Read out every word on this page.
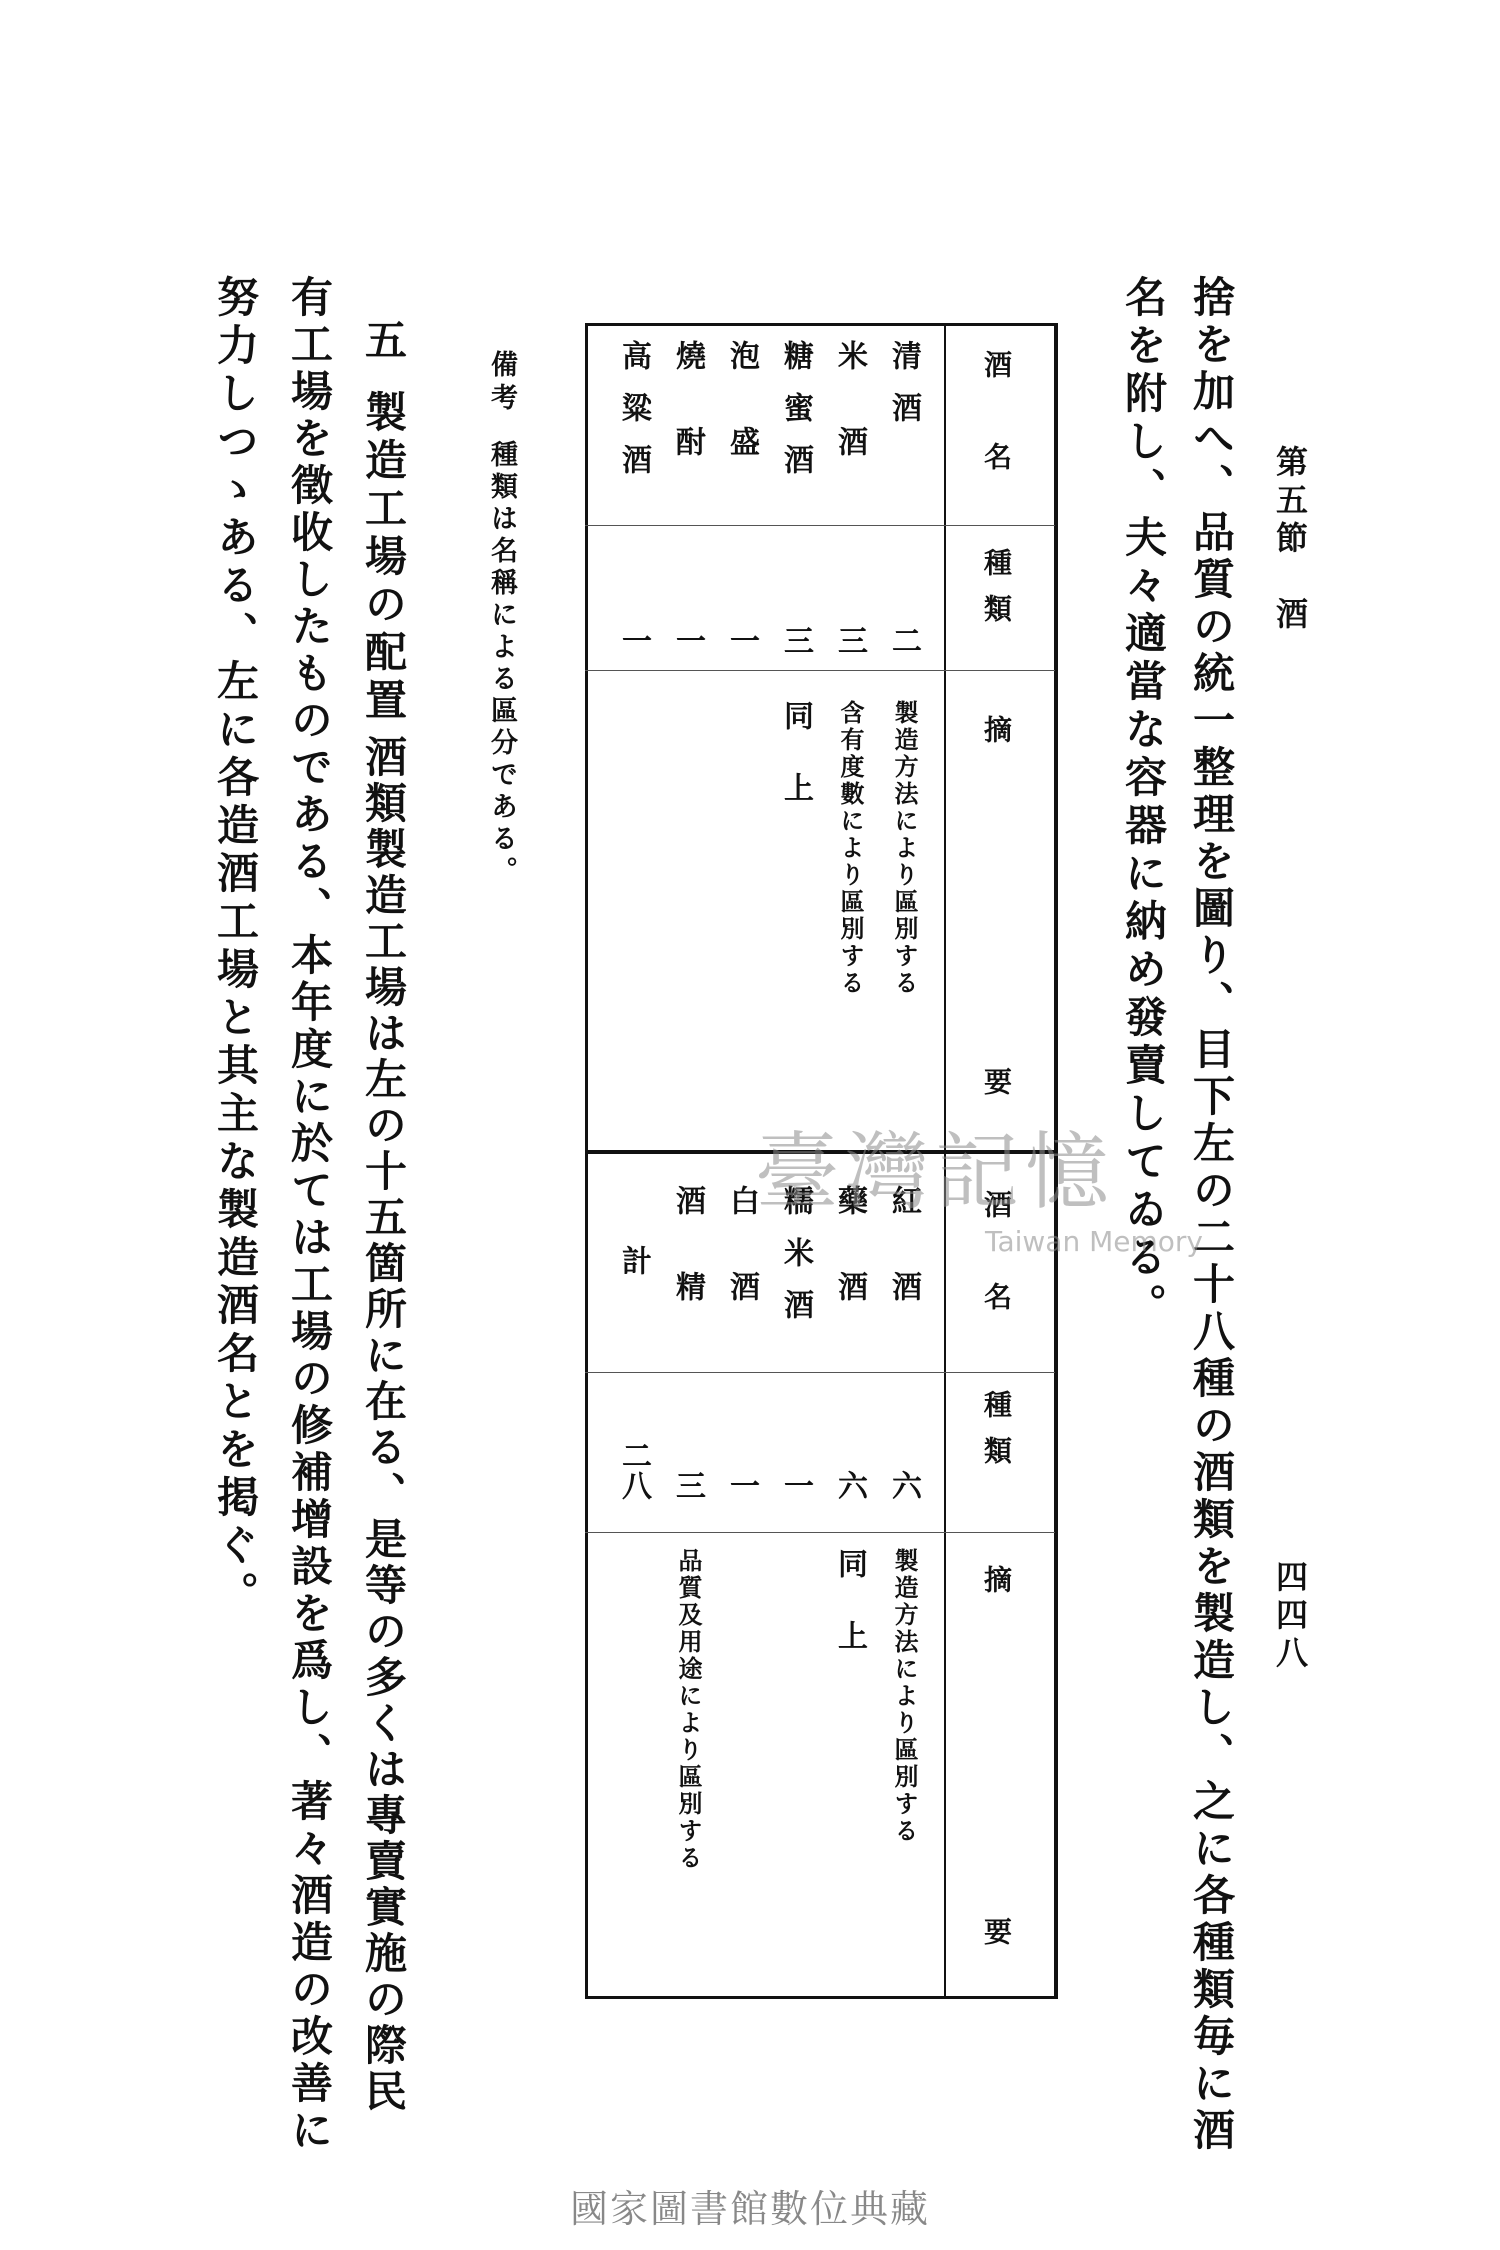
第五節　酒
四四八
捨を加へ、品質の統一整理を圖り、目下左の二十八種の酒類を製造し、之に各種類毎に酒
名を附し、夫々適當な容器に納め發賣してゐる。
酒　名
種類
摘　　　要
酒　名
種類
摘　　　要
清酒
二
製造方法により區別する
米酒
三
含有度數により區別する
糖蜜酒
三
同　上
泡盛
一
燒酎
一
高粱酒
一
紅酒
六
製造方法により區別する
藥酒
六
同　上
糯米酒
一
白酒
一
酒精
三
品質及用途により區別する
計
二八
備考
種類は名稱による區分である。
五
製造工場の配置
酒類製造工場は左の十五箇所に在る、是等の多くは專賣實施の際民
有工場を徵收したものである、本年度に於ては工場の修補增設を爲し、著々酒造の改善に
努力しつゝある、左に各造酒工場と其主な製造酒名とを掲ぐ。	臺灣記憶
Taiwan Memory
國家圖書館數位典藏
